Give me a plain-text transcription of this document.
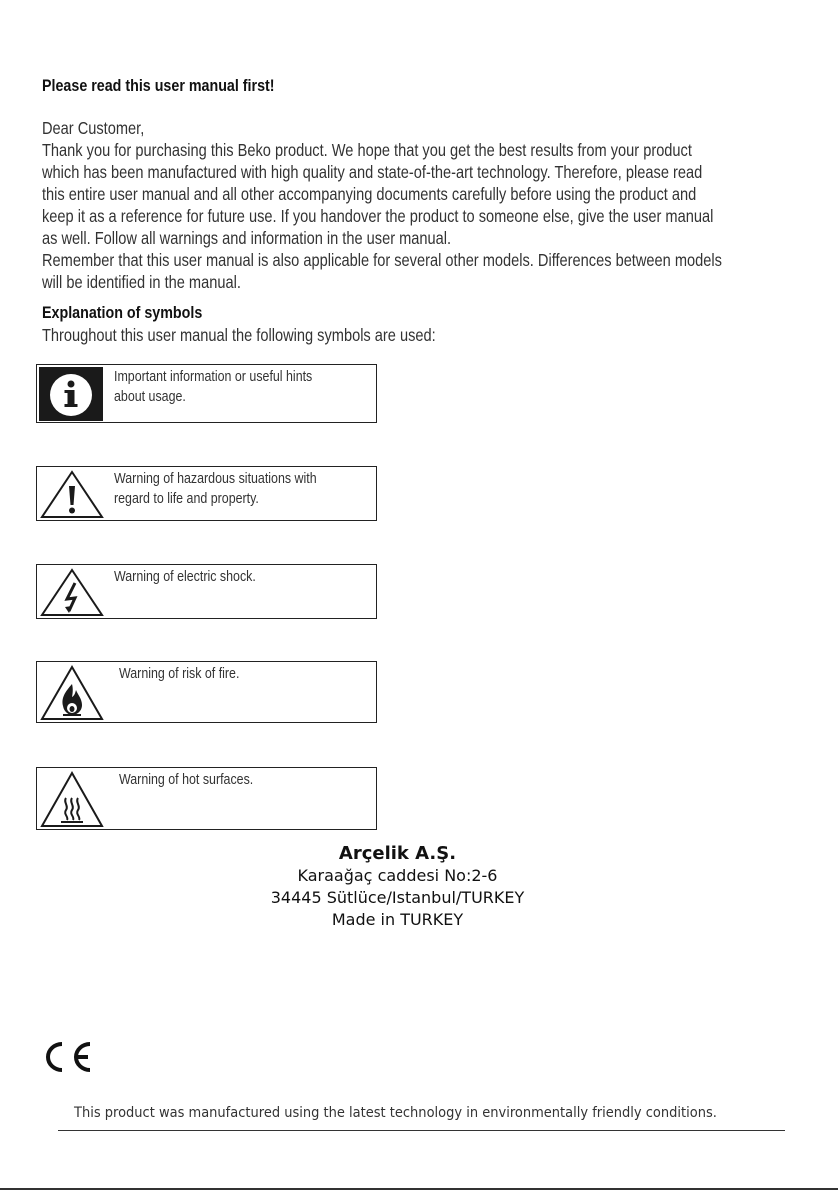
Please read this user manual first!
Dear Customer,
Thank you for purchasing this Beko product. We hope that you get the best results from your product
which has been manufactured with high quality and state-of-the-art technology. Therefore, please read
this entire user manual and all other accompanying documents carefully before using the product and
keep it as a reference for future use. If you handover the product to someone else, give the user manual
as well. Follow all warnings and information in the user manual.
Remember that this user manual is also applicable for several other models. Differences between models
will be identified in the manual.
Explanation of symbols
Throughout this user manual the following symbols are used:
Important information or useful hints
about usage.
Warning of hazardous situations with
regard to life and property.
Warning of electric shock.
Warning of risk of fire.
Warning of hot surfaces.
Arçelik A.Ş.
Karaağaç caddesi No:2-6
34445 Sütlüce/Istanbul/TURKEY
Made in TURKEY
This product was manufactured using the latest technology in environmentally friendly conditions.
